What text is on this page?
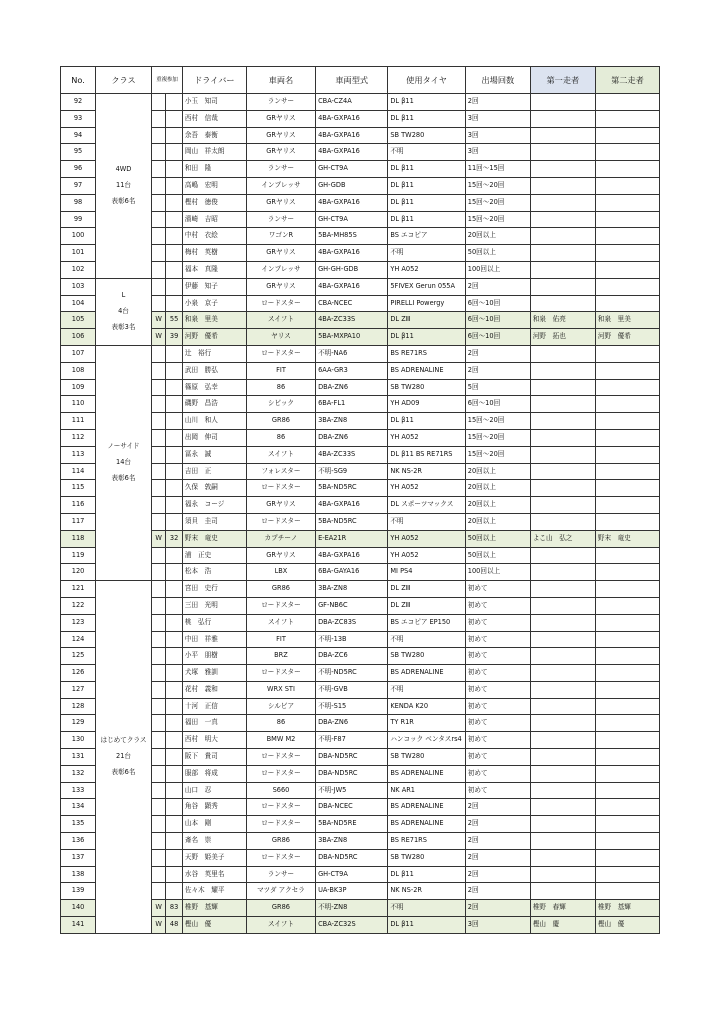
No.	クラス	重複参加		ドライバー	車両名	車両型式	使用タイヤ	出場回数	第一走者	第二走者
92	4WD
11台
表彰6名			小玉　知司	ランサー	CBA-CZ4A	DL β11	2回		
93				西村　信哉	GRヤリス	4BA-GXPA16	DL β11	3回		
94				余吾　泰衡	GRヤリス	4BA-GXPA16	SB TW280	3回		
95				岡山　祥太朗	GRヤリス	4BA-GXPA16	不明	3回		
96				和田　隆	ランサー	GH-CT9A	DL β11	11回～15回		
97				高嶋　宏明	インプレッサ	GH-GDB	DL β11	15回～20回		
98				樫村　徳俊	GRヤリス	4BA-GXPA16	DL β11	15回～20回		
99				濱崎　吉昭	ランサー	GH-CT9A	DL β11	15回～20回		
100				中村　衣絵	ワゴンR	5BA-MH85S	BS エコピア	20回以上		
101				梅村　英樹	GRヤリス	4BA-GXPA16	不明	50回以上		
102				福本　真隆	インプレッサ	GH-GH-GDB	YH A052	100回以上		
103	L
4台
表彰3名			伊藤　知子	GRヤリス	4BA-GXPA16	5FIVEX Gerun 055A	2回		
104				小泉　京子	ロードスター	CBA-NCEC	PIRELLI Powergy	6回～10回		
105		W	55	和泉　里美	スイフト	4BA-ZC33S	DL ZⅢ	6回～10回	和泉　佑亮	和泉　里美
106		W	39	河野　優希	ヤリス	5BA-MXPA10	DL β11	6回～10回	河野　拓也	河野　優希
107	ノーサイド
14台
表彰6名			辻　裕行	ロードスター	不明-NA6	BS RE71RS	2回		
108				武田　勝弘	FIT	6AA-GR3	BS ADRENALINE	2回		
109				篠原　弘幸	86	DBA-ZN6	SB TW280	5回		
110				磯野　昌浩	シビック	6BA-FL1	YH AD09	6回～10回		
111				山川　和人	GR86	3BA-ZN8	DL β11	15回～20回		
112				出岡　伸司	86	DBA-ZN6	YH A052	15回～20回		
113				冨永　誠	スイフト	4BA-ZC33S	DL β11 BS RE71RS	15回～20回		
114				吉田　正	フォレスター	不明-SG9	NK NS-2R	20回以上		
115				久保　敦嗣	ロードスター	5BA-ND5RC	YH A052	20回以上		
116				福永　コージ	GRヤリス	4BA-GXPA16	DL スポーツマックス	20回以上		
117				須貝　圭司	ロードスター	5BA-ND5RC	不明	20回以上		
118		W	32	野末　竜史	カプチーノ	E-EA21R	YH A052	50回以上	よこ山　弘之	野末　竜史
119				浦　正史	GRヤリス	4BA-GXPA16	YH A052	50回以上		
120				松本　浩	LBX	6BA-GAYA16	MI PS4	100回以上		
121	はじめてクラス
21台
表彰6名			宮田　史行	GR86	3BA-ZN8	DL ZⅢ	初めて		
122				三田　光明	ロードスター	GF-NB6C	DL ZⅢ	初めて		
123				桃　弘行	スイフト	DBA-ZC83S	BS エコピア EP150	初めて		
124				中田　祥雅	FIT	不明-13B	不明	初めて		
125				小平　朋樹	BRZ	DBA-ZC6	SB TW280	初めて		
126				犬塚　雅訓	ロードスター	不明-ND5RC	BS ADRENALINE	初めて		
127				花村　義和	WRX STI	不明-GVB	不明	初めて		
128				十河　正信	シルビア	不明-S15	KENDA K20	初めて		
129				福田　一真	86	DBA-ZN6	TY R1R	初めて		
130				西村　明大	BMW M2	不明-F87	ハンコック ベンタスrs4	初めて		
131				阪下　貴司	ロードスター	DBA-ND5RC	SB TW280	初めて		
132				服部　将成	ロードスター	DBA-ND5RC	BS ADRENALINE	初めて		
133				山口　忍	S660	不明-JW5	NK AR1	初めて		
134				角谷　顕秀	ロードスター	DBA-NCEC	BS ADRENALINE	2回		
135				山本　剛	ロードスター	5BA-ND5RE	BS ADRENALINE	2回		
136				斎名　崇	GR86	3BA-ZN8	BS RE71RS	2回		
137				天野　姫美子	ロードスター	DBA-ND5RC	SB TW280	2回		
138				水谷　英里名	ランサー	GH-CT9A	DL β11	2回		
139				佐々木　耀平	マツダ アクセラ	UA-BK3P	NK NS-2R	2回		
140		W	83	椎野　基輝	GR86	不明-ZN8	不明	2回	椎野　春輝	椎野　基輝
141		W	48	樫山　優	スイフト	CBA-ZC32S	DL β11	3回	樫山　慶	樫山　優
